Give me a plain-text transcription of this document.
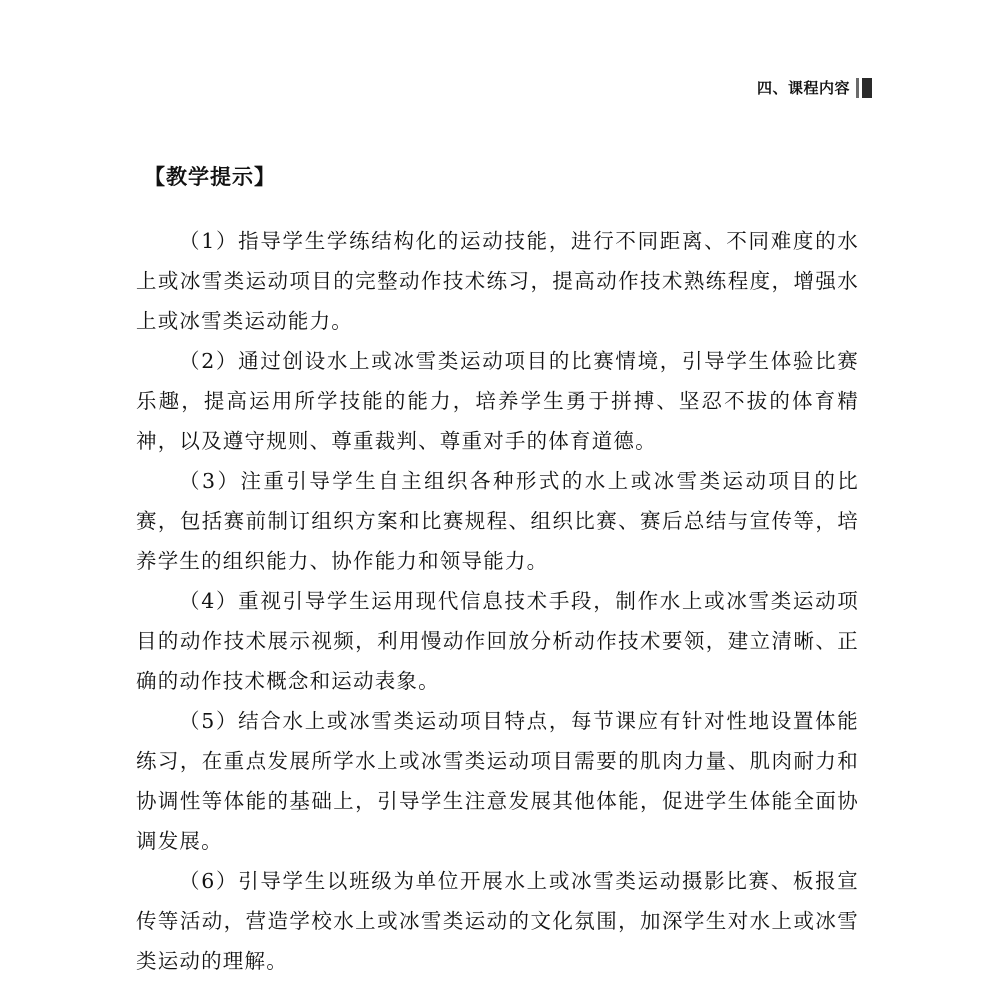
四、课程内容
【教学提示】

（1）指导学生学练结构化的运动技能，进行不同距离、不同难度的水上或冰雪类运动项目的完整动作技术练习，提高动作技术熟练程度，增强水上或冰雪类运动能力。

（2）通过创设水上或冰雪类运动项目的比赛情境，引导学生体验比赛乐趣，提高运用所学技能的能力，培养学生勇于拼搏、坚忍不拔的体育精神，以及遵守规则、尊重裁判、尊重对手的体育道德。

（3）注重引导学生自主组织各种形式的水上或冰雪类运动项目的比赛，包括赛前制订组织方案和比赛规程、组织比赛、赛后总结与宣传等，培养学生的组织能力、协作能力和领导能力。

（4）重视引导学生运用现代信息技术手段，制作水上或冰雪类运动项目的动作技术展示视频，利用慢动作回放分析动作技术要领，建立清晰、正确的动作技术概念和运动表象。

（5）结合水上或冰雪类运动项目特点，每节课应有针对性地设置体能练习，在重点发展所学水上或冰雪类运动项目需要的肌肉力量、肌肉耐力和协调性等体能的基础上，引导学生注意发展其他体能，促进学生体能全面协调发展。

（6）引导学生以班级为单位开展水上或冰雪类运动摄影比赛、板报宣传等活动，营造学校水上或冰雪类运动的文化氛围，加深学生对水上或冰雪类运动的理解。
